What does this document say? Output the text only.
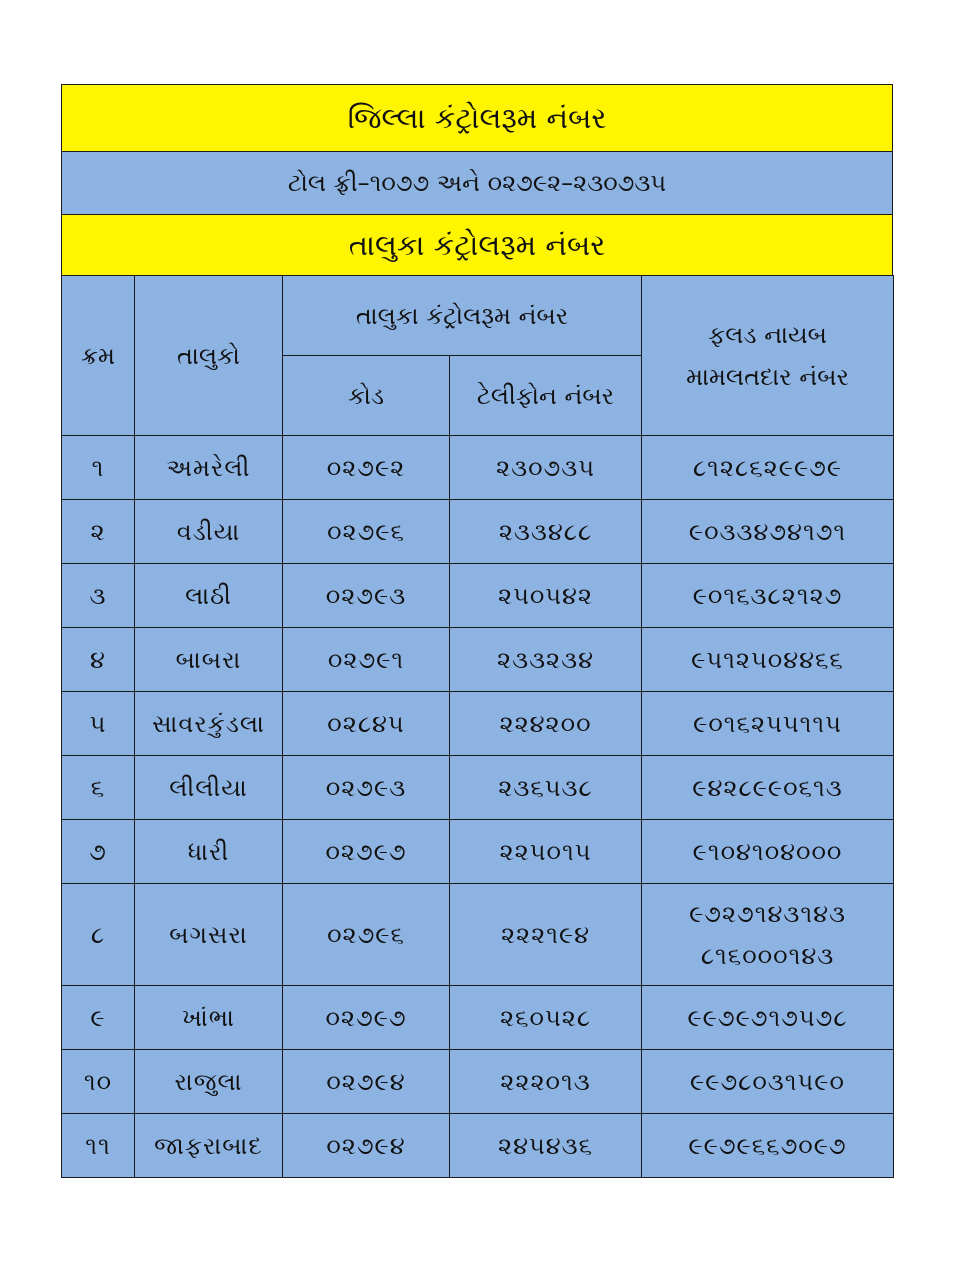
જિલ્લા કંટ્રોલરૂમ નંબર
ટોલ ફ્રી–૧૦૭૭ અને ૦૨૭૯૨–૨૩૦૭૩૫
તાલુકા કંટ્રોલરૂમ નંબર
ક્રમ	તાલુકો	તાલુકા કંટ્રોલરૂમ નંબર		ફલડ નાયબ
મામલતદાર નંબર

		કોડ	ટેલીફોન નંબર	
૧	અમરેલી	૦૨૭૯૨	૨૩૦૭૩૫	૮૧૨૮૬૨૯૯૭૯
૨	વડીયા	૦૨૭૯૬	૨૩૩૪૮૮	૯૦૩૩૪૭૪૧૭૧
૩	લાઠી	૦૨૭૯૩	૨૫૦૫૪૨	૯૦૧૬૩૮૨૧૨૭
૪	બાબરા	૦૨૭૯૧	૨૩૩૨૩૪	૯૫૧૨૫૦૪૪૬૬
૫	સાવરકુંડલા	૦૨૮૪૫	૨૨૪૨૦૦	૯૦૧૬૨૫૫૧૧૫
૬	લીલીયા	૦૨૭૯૩	૨૩૬૫૩૮	૯૪૨૮૯૯૦૬૧૩
૭	ધારી	૦૨૭૯૭	૨૨૫૦૧૫	૯૧૦૪૧૦૪૦૦૦
૮	બગસરા	૦૨૭૯૬	૨૨૨૧૯૪	૯૭૨૭૧૪૩૧૪૩
૮૧૬૦૦૦૧૪૩

૯	ખાંભા	૦૨૭૯૭	૨૬૦૫૨૮	૯૯૭૯૭૧૭૫૭૮
૧૦	રાજુલા	૦૨૭૯૪	૨૨૨૦૧૩	૯૯૭૮૦૩૧૫૯૦
૧૧	જાફરાબાદ	૦૨૭૯૪	૨૪૫૪૩૬	૯૯૭૯૬૬૭૦૯૭
